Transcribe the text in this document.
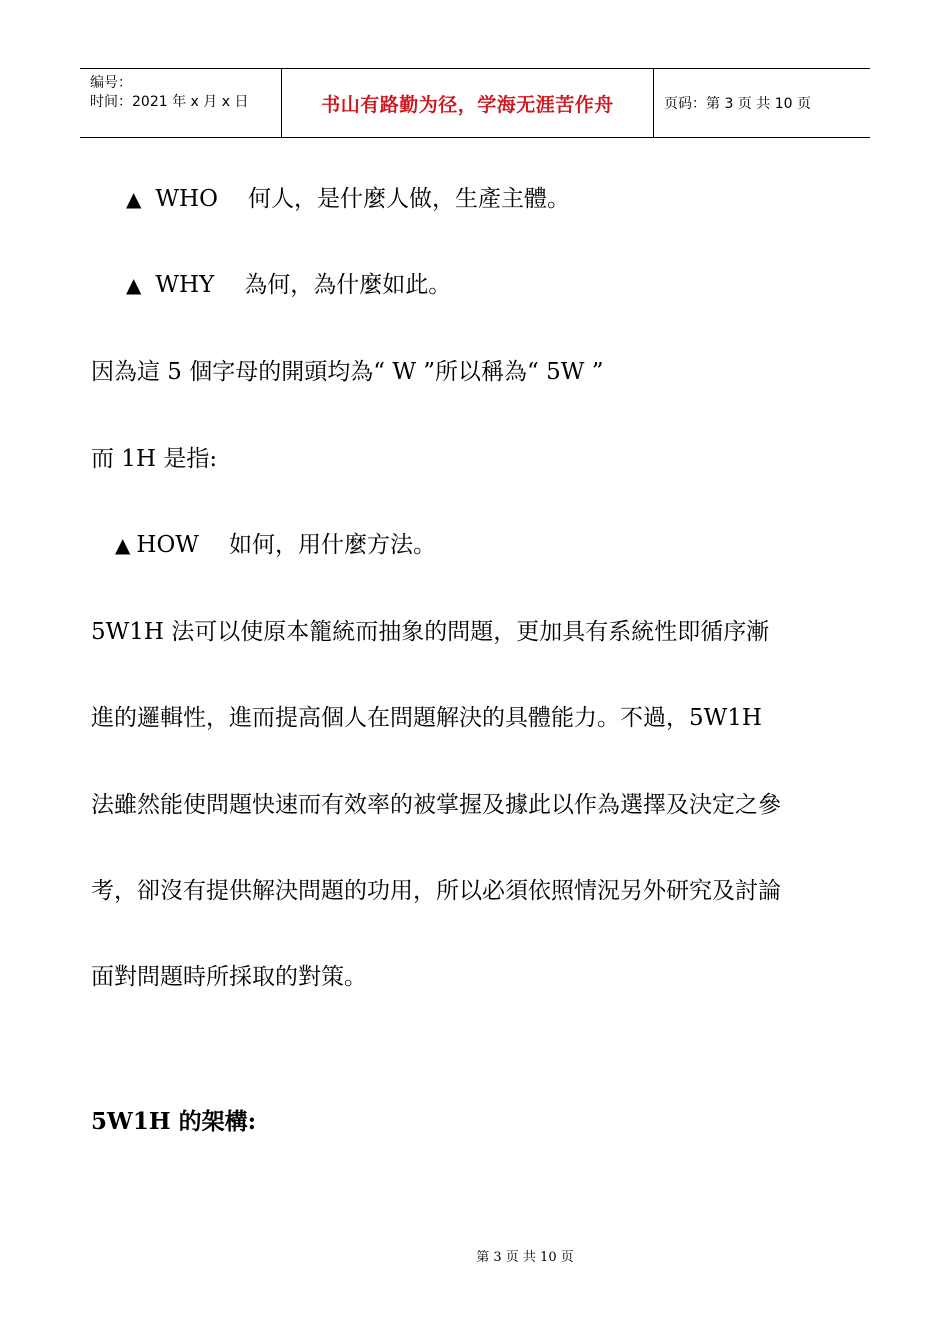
编号：
时间：2021 年 x 月 x 日	书山有路勤为径，学海无涯苦作舟	页码：第 3 页 共 10 页
▲ WHO 何人，是什麼人做，生產主體。
▲ WHY 為何，為什麼如此。
因為這 5 個字母的開頭均為“ W ”所以稱為“ 5W ”
而 1H 是指:
▲ HOW 如何，用什麼方法。
5W1H 法可以使原本籠統而抽象的問題，更加具有系統性即循序漸
進的邏輯性，進而提高個人在問題解決的具體能力。不過，5W1H
法雖然能使問題快速而有效率的被掌握及據此以作為選擇及決定之參
考，卻沒有提供解決問題的功用，所以必須依照情況另外研究及討論
面對問題時所採取的對策。
5W1H 的架構:
第 3 页 共 10 页
